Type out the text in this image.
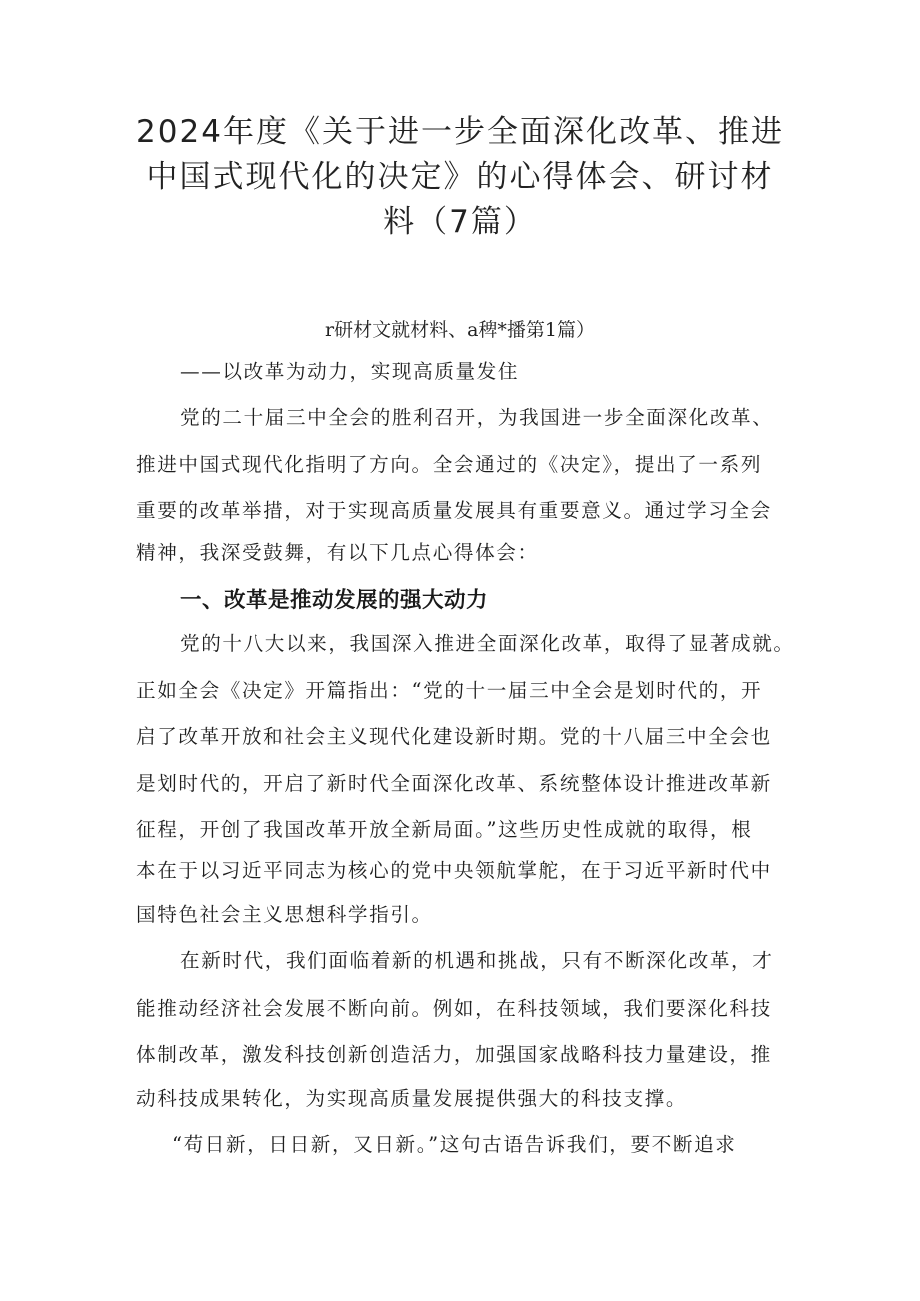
2024年度《关于进一步全面深化改革、推进
中国式现代化的决定》的心得体会、研讨材
料（7篇）
r研材文就材料、a稗*播第1篇）
——以改革为动力，实现高质量发住
党的二十届三中全会的胜利召开，为我国进一步全面深化改革、
推进中国式现代化指明了方向。全会通过的《决定》，提出了一系列
重要的改革举措，对于实现高质量发展具有重要意义。通过学习全会
精神，我深受鼓舞，有以下几点心得体会：
一、改革是推动发展的强大动力
党的十八大以来，我国深入推进全面深化改革，取得了显著成就。
正如全会《决定》开篇指出：“党的十一届三中全会是划时代的，开
启了改革开放和社会主义现代化建设新时期。党的十八届三中全会也
是划时代的，开启了新时代全面深化改革、系统整体设计推进改革新
征程，开创了我国改革开放全新局面。”这些历史性成就的取得，根
本在于以习近平同志为核心的党中央领航掌舵，在于习近平新时代中
国特色社会主义思想科学指引。
在新时代，我们面临着新的机遇和挑战，只有不断深化改革，才
能推动经济社会发展不断向前。例如，在科技领域，我们要深化科技
体制改革，激发科技创新创造活力，加强国家战略科技力量建设，推
动科技成果转化，为实现高质量发展提供强大的科技支撑。
“苟日新，日日新，又日新。”这句古语告诉我们，要不断追求
